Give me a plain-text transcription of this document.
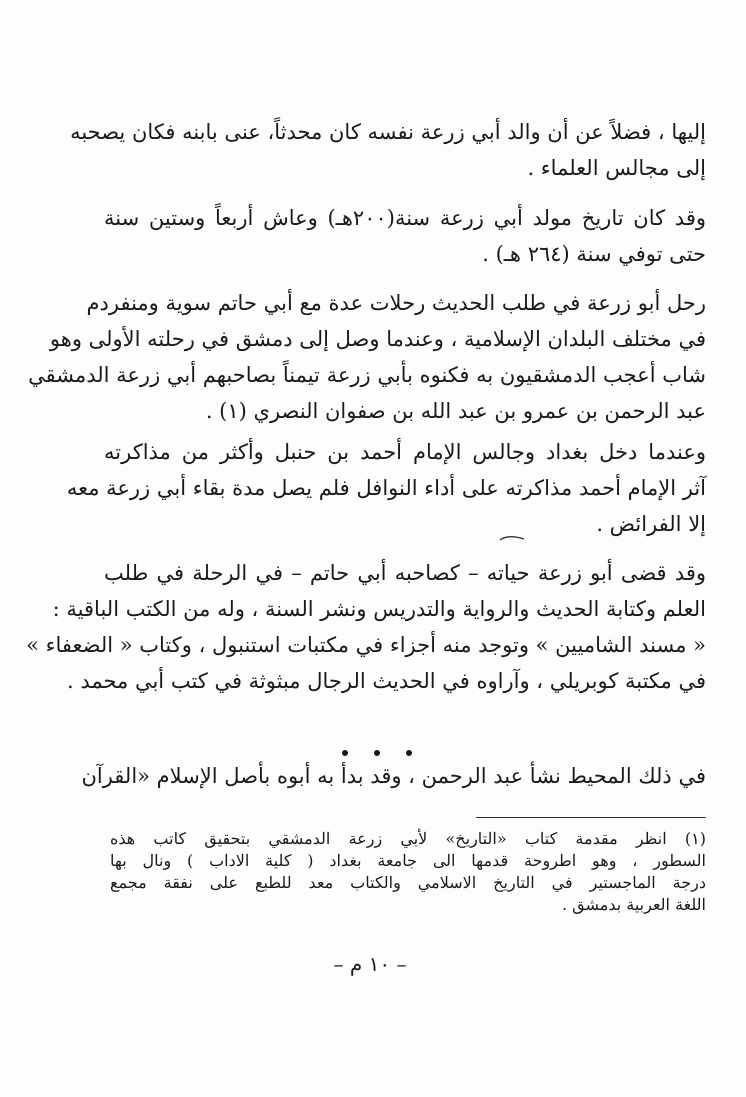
إليها ، فضلاً عن أن والد أبي زرعة نفسه كان محدثاً، عنى بابنه فكان يصحبه
إلى مجالس العلماء .
وقد كان تاريخ مولد أبي زرعة سنة(٢٠٠هـ) وعاش أربعاً وستين سنة
حتى توفي سنة (٢٦٤ هـ) .
رحل أبو زرعة في طلب الحديث رحلات عدة مع أبي حاتم سوية ومنفردم
في مختلف البلدان الإسلامية ، وعندما وصل إلى دمشق في رحلته الأولى وهو
شاب أعجب الدمشقيون به فكنوه بأبي زرعة تيمناً بصاحبهم أبي زرعة الدمشقي
عبد الرحمن بن عمرو بن عبد الله بن صفوان النصري (١) .
وعندما دخل بغداد وجالس الإمام أحمد بن حنبل وأكثر من مذاكرته
آثر الإمام أحمد مذاكرته على أداء النوافل فلم يصل مدة بقاء أبي زرعة معه
إلا الفرائض .
وقد قضى أبو زرعة حياته – كصاحبه أبي حاتم – في الرحلة في طلب
العلم وكتابة الحديث والرواية والتدريس ونشر السنة ، وله من الكتب الباقية :
« مسند الشاميين » وتوجد منه أجزاء في مكتبات استنبول ، وكتاب « الضعفاء »
في مكتبة كوبريلي ، وآراوه في الحديث الرجال مبثوثة في كتب أبي محمد .
في ذلك المحيط نشأ عبد الرحمن ، وقد بدأ به أبوه بأصل الإسلام «القرآن
(١) انظر مقدمة كتاب «التاريخ» لأبي زرعة الدمشقي بتحقيق كاتب هذه
السطور ، وهو اطروحة قدمها الى جامعة بغداد ( كلية الاداب ) ونال بها
درجة الماجستير في التاريخ الاسلامي والكتاب معد للطبع على نفقة مجمع
اللغة العربية بدمشق .
– ١٠ م –
